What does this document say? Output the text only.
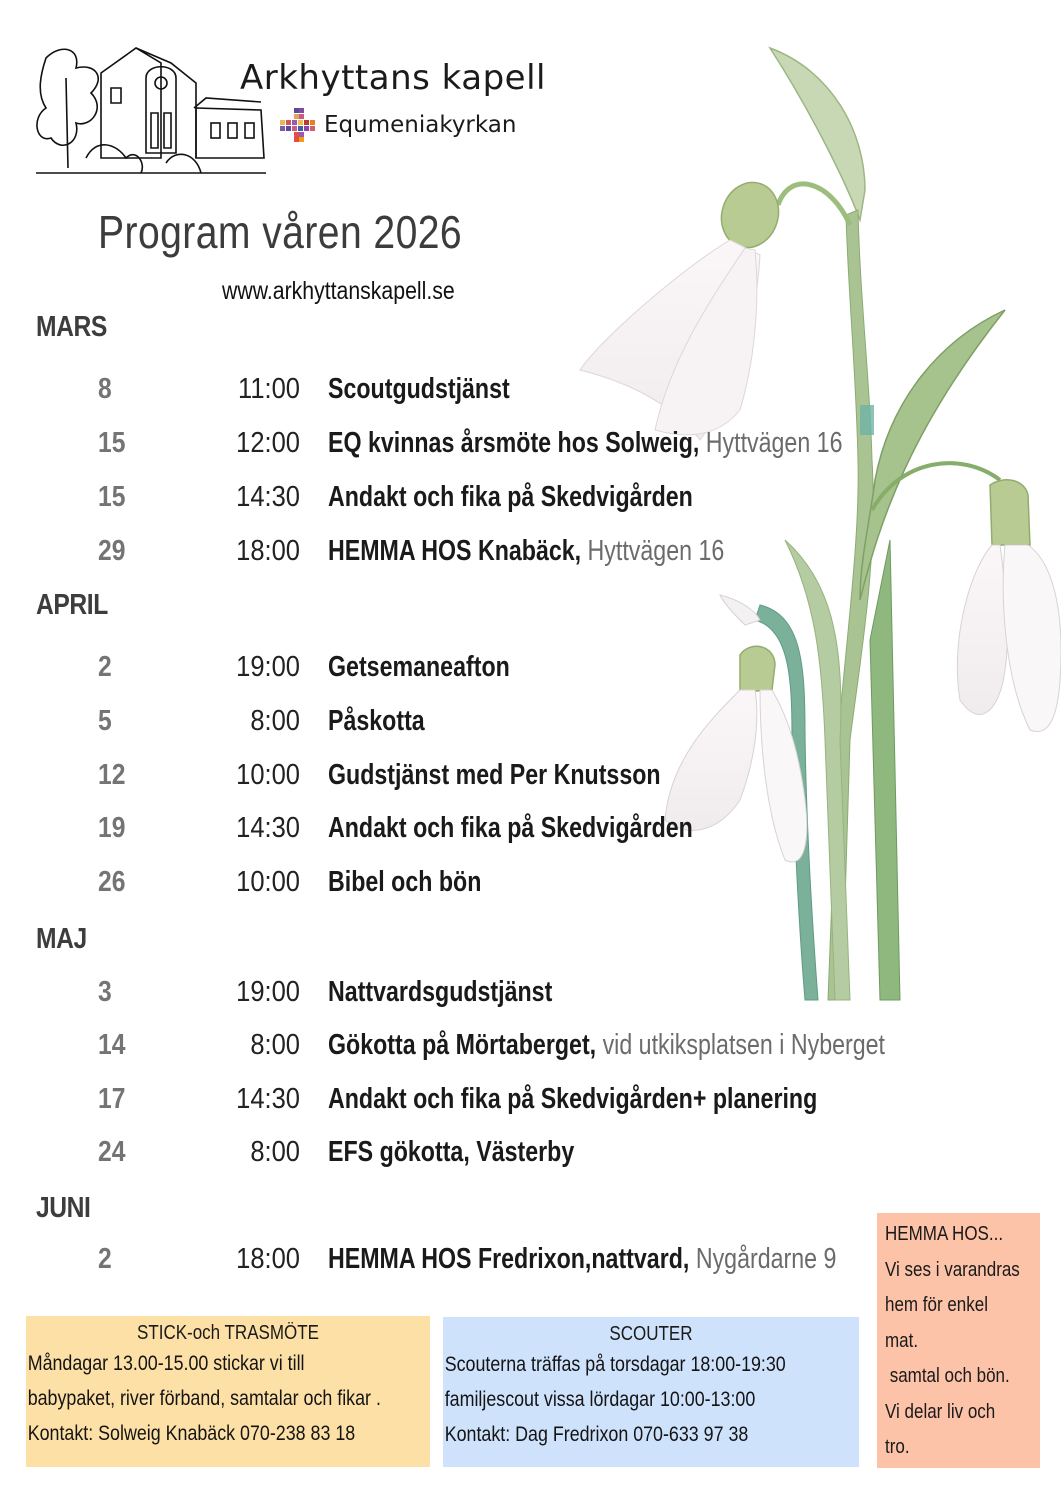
Arkhyttans kapell
Equmeniakyrkan
Program våren 2026
www.arkhyttanskapell.se
MARS
8	11:00 Scoutgudstjänst
15	12:00 EQ kvinnas årsmöte hos Solweig, Hyttvägen 16
15	14:30 Andakt och fika på Skedvigården
29	18:00 HEMMA HOS Knabäck, Hyttvägen 16
APRIL
2	19:00 Getsemaneafton
5	8:00 Påskotta
12	10:00 Gudstjänst med Per Knutsson
19	14:30 Andakt och fika på Skedvigården
26	10:00 Bibel och bön
MAJ
3	19:00 Nattvardsgudstjänst
14	8:00 Gökotta på Mörtaberget, vid utkiksplatsen i Nyberget
17	14:30 Andakt och fika på Skedvigården+ planering
24	8:00 EFS gökotta, Västerby
JUNI
2	18:00 HEMMA HOS Fredrixon,nattvard, Nygårdarne 9
STICK-och TRASMÖTE
Måndagar 13.00-15.00 stickar vi till
babypaket, river förband, samtalar och fikar .
Kontakt: Solweig Knabäck 070-238 83 18
SCOUTER
Scouterna träffas på torsdagar 18:00-19:30
familjescout vissa lördagar 10:00-13:00
Kontakt: Dag Fredrixon 070-633 97 38
HEMMA HOS...
Vi ses i varandras
hem för enkel
mat.
samtal och bön.
Vi delar liv och
tro.
